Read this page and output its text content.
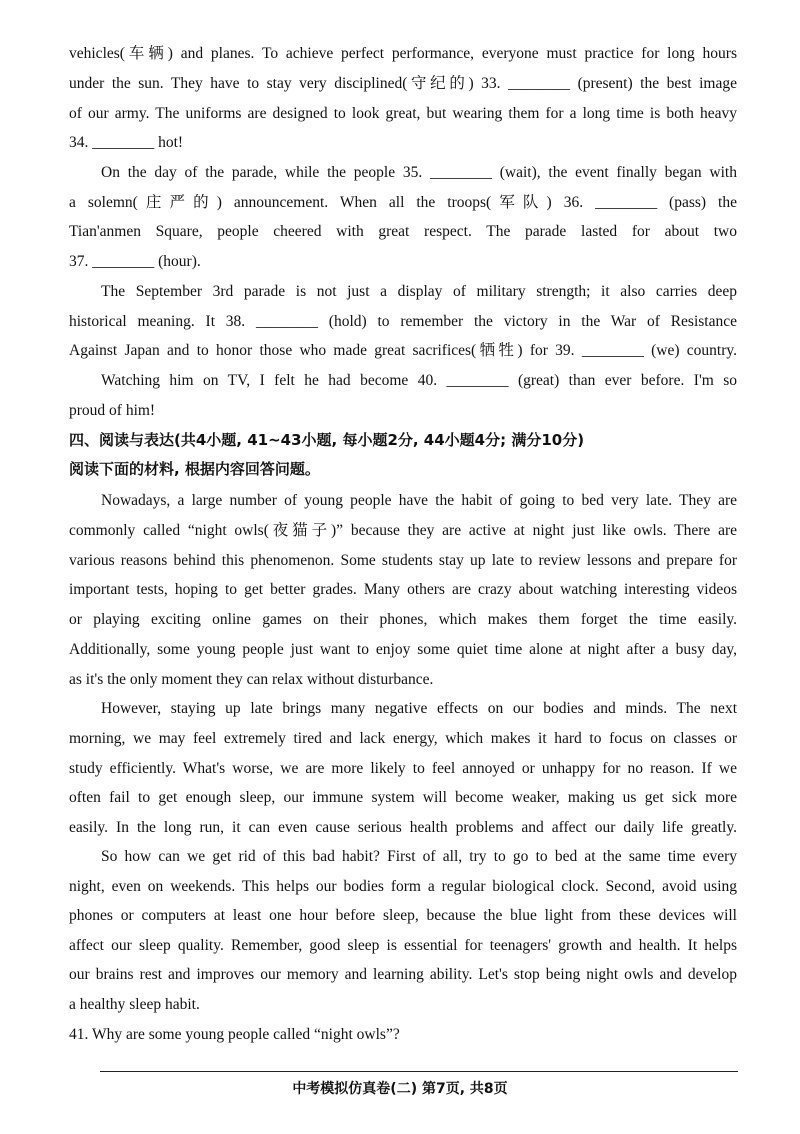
vehicles(车辆) and planes. To achieve perfect performance, everyone must practice for long hours
under the sun. They have to stay very disciplined(守纪的) 33. ________ (present) the best image
of our army. The uniforms are designed to look great, but wearing them for a long time is both heavy
34. ________ hot!
On the day of the parade, while the people 35. ________ (wait), the event finally began with
a solemn(庄严的) announcement. When all the troops(军队) 36. ________ (pass) the
Tian'anmen Square, people cheered with great respect. The parade lasted for about two
37. ________ (hour).
The September 3rd parade is not just a display of military strength; it also carries deep
historical meaning. It 38. ________ (hold) to remember the victory in the War of Resistance
Against Japan and to honor those who made great sacrifices(牺牲) for 39. ________ (we) country.
Watching him on TV, I felt he had become 40. ________ (great) than ever before. I'm so
proud of him!
四、阅读与表达(共4小题, 41~43小题, 每小题2分, 44小题4分; 满分10分)
阅读下面的材料, 根据内容回答问题。
Nowadays, a large number of young people have the habit of going to bed very late. They are
commonly called “night owls(夜猫子)” because they are active at night just like owls. There are
various reasons behind this phenomenon. Some students stay up late to review lessons and prepare for
important tests, hoping to get better grades. Many others are crazy about watching interesting videos
or playing exciting online games on their phones, which makes them forget the time easily.
Additionally, some young people just want to enjoy some quiet time alone at night after a busy day,
as it's the only moment they can relax without disturbance.
However, staying up late brings many negative effects on our bodies and minds. The next
morning, we may feel extremely tired and lack energy, which makes it hard to focus on classes or
study efficiently. What's worse, we are more likely to feel annoyed or unhappy for no reason. If we
often fail to get enough sleep, our immune system will become weaker, making us get sick more
easily. In the long run, it can even cause serious health problems and affect our daily life greatly.
So how can we get rid of this bad habit? First of all, try to go to bed at the same time every
night, even on weekends. This helps our bodies form a regular biological clock. Second, avoid using
phones or computers at least one hour before sleep, because the blue light from these devices will
affect our sleep quality. Remember, good sleep is essential for teenagers' growth and health. It helps
our brains rest and improves our memory and learning ability. Let's stop being night owls and develop
a healthy sleep habit.
41. Why are some young people called “night owls”?
中考模拟仿真卷(二) 第7页, 共8页
